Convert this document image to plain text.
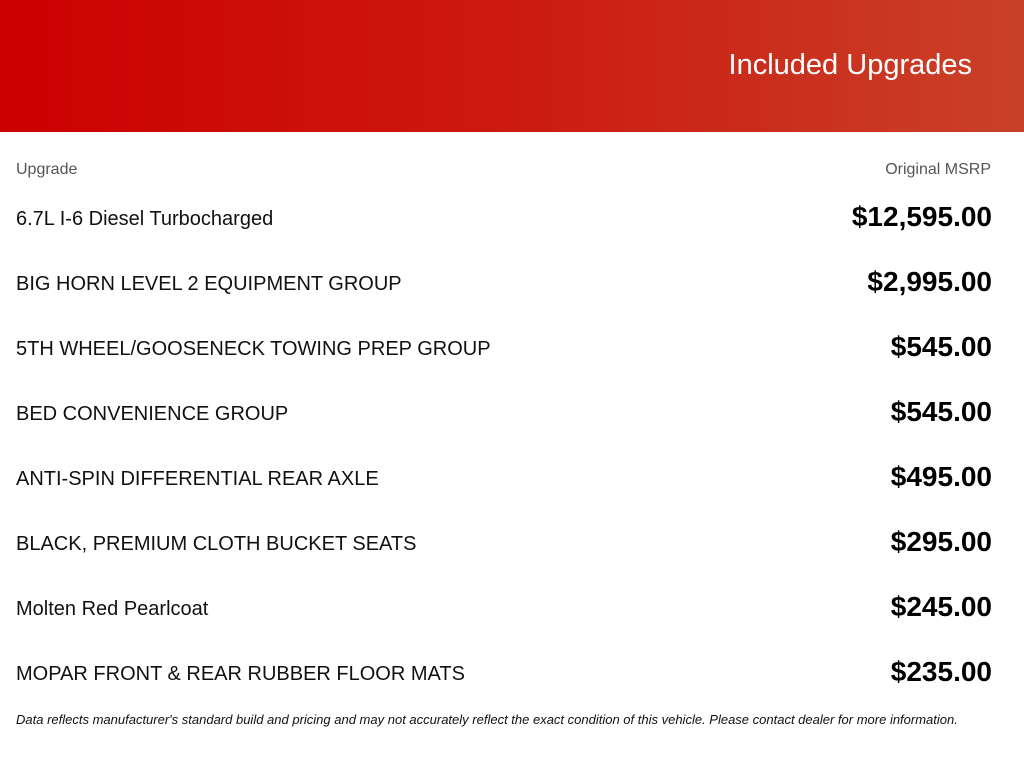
Included Upgrades
Upgrade	Original MSRP
6.7L I-6 Diesel Turbocharged	$12,595.00
BIG HORN LEVEL 2 EQUIPMENT GROUP	$2,995.00
5TH WHEEL/GOOSENECK TOWING PREP GROUP	$545.00
BED CONVENIENCE GROUP	$545.00
ANTI-SPIN DIFFERENTIAL REAR AXLE	$495.00
BLACK, PREMIUM CLOTH BUCKET SEATS	$295.00
Molten Red Pearlcoat	$245.00
MOPAR FRONT & REAR RUBBER FLOOR MATS	$235.00
Data reflects manufacturer's standard build and pricing and may not accurately reflect the exact condition of this vehicle. Please contact dealer for more information.
